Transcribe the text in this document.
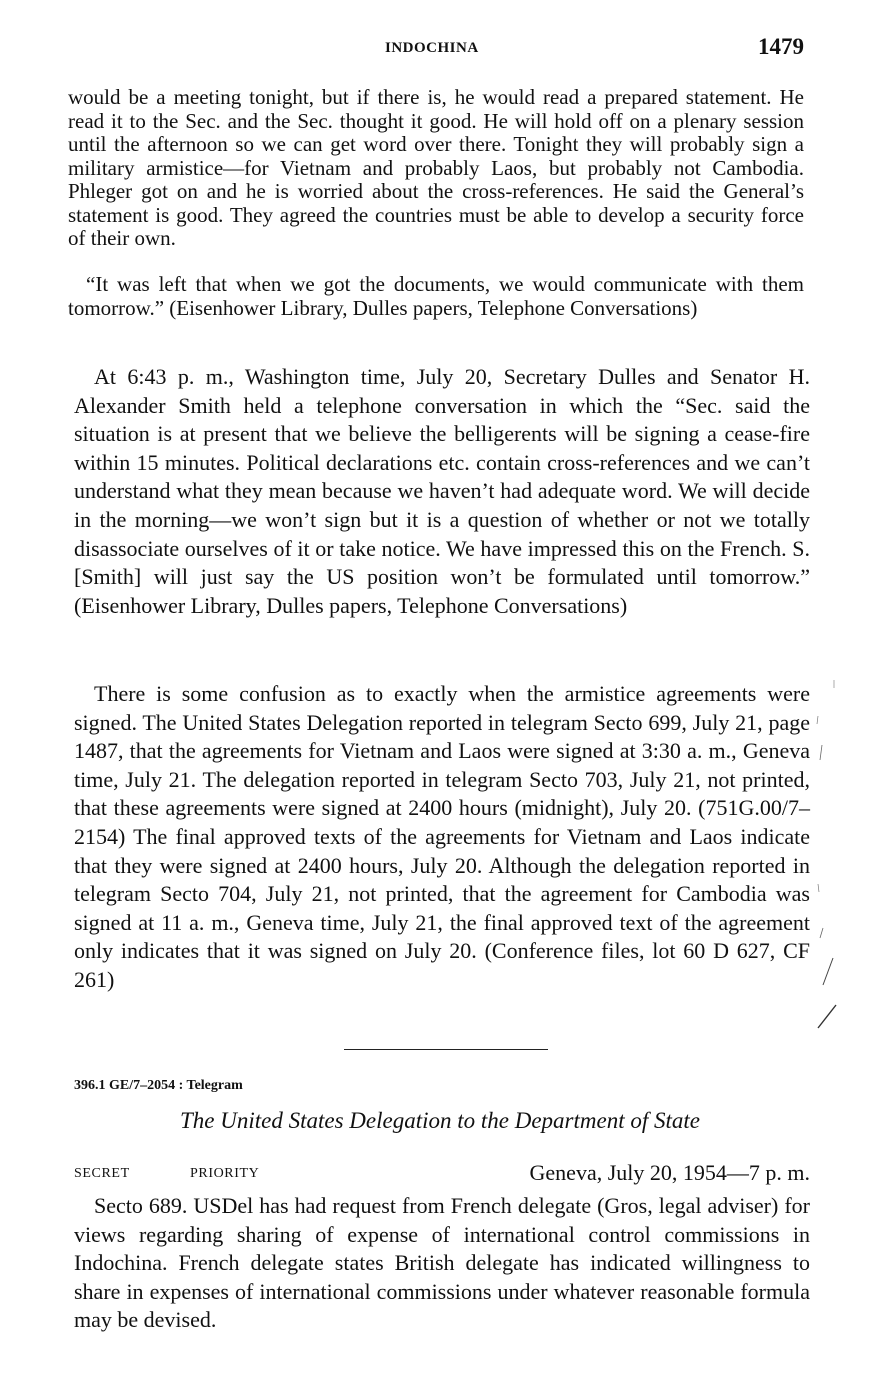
INDOCHINA	1479

would be a meeting tonight, but if there is, he would read a prepared statement. He read it to the Sec. and the Sec. thought it good. He will hold off on a plenary session until the afternoon so we can get word over there. Tonight they will probably sign a military armistice—for Vietnam and probably Laos, but probably not Cambodia. Phleger got on and he is worried about the cross-references. He said the General’s statement is good. They agreed the countries must be able to develop a security force of their own.

“It was left that when we got the documents, we would communicate with them tomorrow.” (Eisenhower Library, Dulles papers, Telephone Conversations)

At 6:43 p. m., Washington time, July 20, Secretary Dulles and Senator H. Alexander Smith held a telephone conversation in which the “Sec. said the situation is at present that we believe the belligerents will be signing a cease-fire within 15 minutes. Political declarations etc. contain cross-references and we can’t understand what they mean because we haven’t had adequate word. We will decide in the morning—we won’t sign but it is a question of whether or not we totally disassociate ourselves of it or take notice. We have impressed this on the French. S. [Smith] will just say the US position won’t be formulated until tomorrow.” (Eisenhower Library, Dulles papers, Telephone Conversations)

There is some confusion as to exactly when the armistice agreements were signed. The United States Delegation reported in telegram Secto 699, July 21, page 1487, that the agreements for Vietnam and Laos were signed at 3:30 a. m., Geneva time, July 21. The delegation reported in telegram Secto 703, July 21, not printed, that these agreements were signed at 2400 hours (midnight), July 20. (751G.00/7–2154) The final approved texts of the agreements for Vietnam and Laos indicate that they were signed at 2400 hours, July 20. Although the delegation reported in telegram Secto 704, July 21, not printed, that the agreement for Cambodia was signed at 11 a. m., Geneva time, July 21, the final approved text of the agreement only indicates that it was signed on July 20. (Conference files, lot 60 D 627, CF 261)

396.1 GE/7–2054 : Telegram
The United States Delegation to the Department of State
SECRET	PRIORITY	Geneva, July 20, 1954—7 p. m.

Secto 689. USDel has had request from French delegate (Gros, legal adviser) for views regarding sharing of expense of international control commissions in Indochina. French delegate states British delegate has indicated willingness to share in expenses of international commissions under whatever reasonable formula may be devised.
